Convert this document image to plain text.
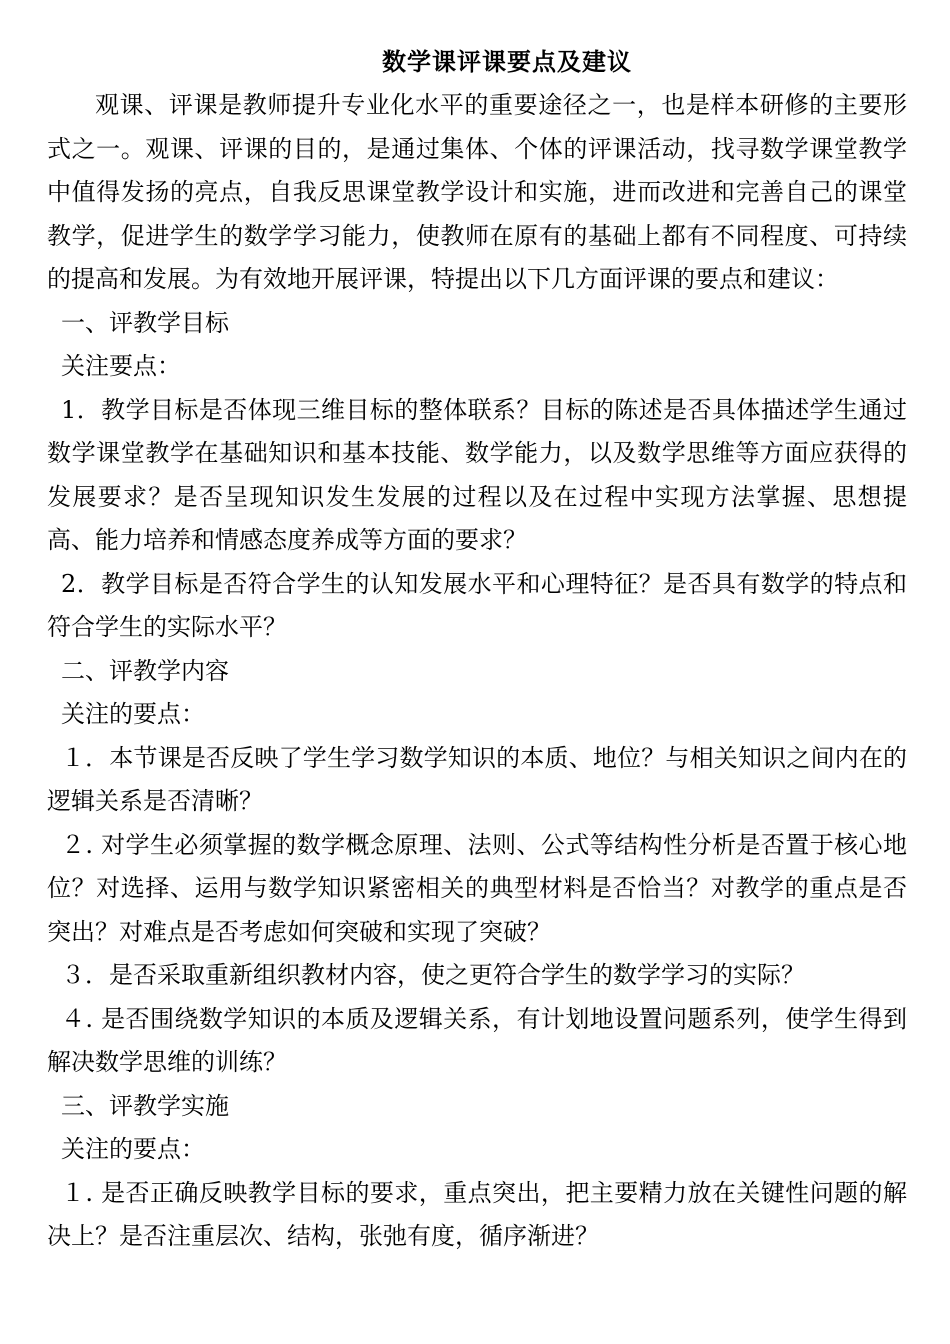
数学课评课要点及建议

观课、评课是教师提升专业化水平的重要途径之一，也是样本研修的主要形式之一。观课、评课的目的，是通过集体、个体的评课活动，找寻数学课堂教学中值得发扬的亮点，自我反思课堂教学设计和实施，进而改进和完善自己的课堂教学，促进学生的数学学习能力，使教师在原有的基础上都有不同程度、可持续的提高和发展。为有效地开展评课，特提出以下几方面评课的要点和建议：

一、评教学目标

关注要点：

1．教学目标是否体现三维目标的整体联系？目标的陈述是否具体描述学生通过数学课堂教学在基础知识和基本技能、数学能力，以及数学思维等方面应获得的发展要求？是否呈现知识发生发展的过程以及在过程中实现方法掌握、思想提高、能力培养和情感态度养成等方面的要求？

2．教学目标是否符合学生的认知发展水平和心理特征？是否具有数学的特点和符合学生的实际水平？

二、评教学内容

关注的要点：

１．本节课是否反映了学生学习数学知识的本质、地位？与相关知识之间内在的逻辑关系是否清晰？

２. 对学生必须掌握的数学概念原理、法则、公式等结构性分析是否置于核心地位？对选择、运用与数学知识紧密相关的典型材料是否恰当？对教学的重点是否突出？对难点是否考虑如何突破和实现了突破？

３．是否采取重新组织教材内容，使之更符合学生的数学学习的实际？

４. 是否围绕数学知识的本质及逻辑关系，有计划地设置问题系列，使学生得到解决数学思维的训练？

三、评教学实施

关注的要点：

１. 是否正确反映教学目标的要求，重点突出，把主要精力放在关键性问题的解决上？是否注重层次、结构，张弛有度，循序渐进？
